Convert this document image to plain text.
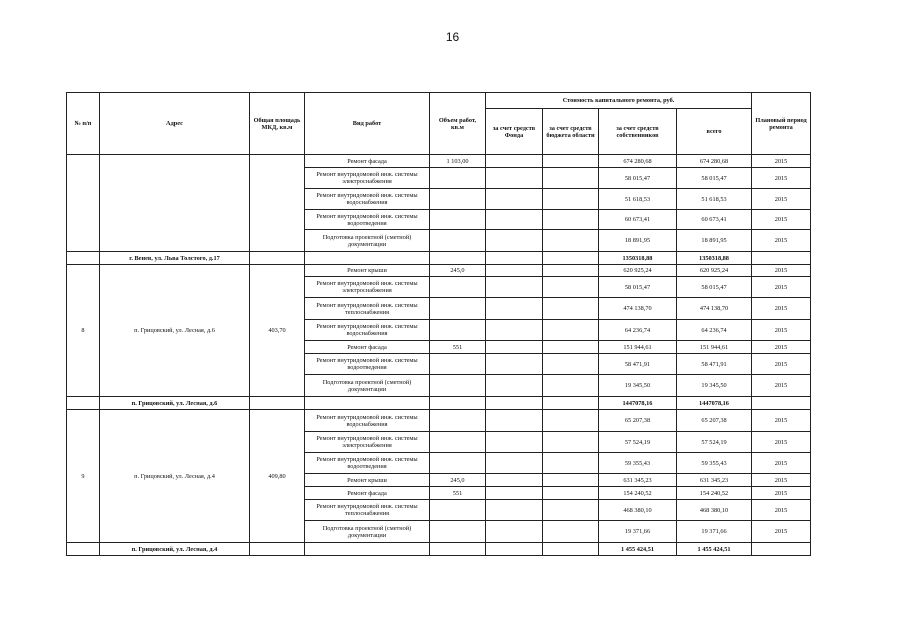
16
№ п/п	Адрес	Общая площадь МКД, кв.м	Вид работ	Объем работ, кв.м	Стоимость капитального ремонта, руб.				Плановый период ремонта
					за счет средств Фонда	за счет средств бюджета области	за счет средств собственников	всего	
			Ремонт фасада	1 103,00			674 280,68	674 280,68	2015
			Ремонт внутридомовой инж. системы электроснабжения				58 015,47	58 015,47	2015
			Ремонт внутридомовой инж. системы водоснабжения				51 618,53	51 618,53	2015
			Ремонт внутридомовой инж. системы водоотведения				60 673,41	60 673,41	2015
			Подготовка проектной (сметной) документации				18 891,95	18 891,95	2015
	г. Венев, ул. Льва Толстого, д.17						1350318,88	1350318,88	
8	п. Грицовский, ул. Лесная, д.6	403,70	Ремонт крыши	245,0			620 925,24	620 925,24	2015
			Ремонт внутридомовой инж. системы электроснабжения				58 015,47	58 015,47	2015
			Ремонт внутридомовой инж. системы теплоснабжения				474 138,70	474 138,70	2015
			Ремонт внутридомовой инж. системы водоснабжения				64 236,74	64 236,74	2015
			Ремонт фасада	551			151 944,61	151 944,61	2015
			Ремонт внутридомовой инж. системы водоотведения				58 471,91	58 471,91	2015
			Подготовка проектной (сметной) документации				19 345,50	19 345,50	2015
	п. Грицовский, ул. Лесная, д.6						1447078,16	1447078,16	
9	п. Грицовский, ул. Лесная, д.4	409,80	Ремонт внутридомовой инж. системы водоснабжения				65 207,38	65 207,38	2015
			Ремонт внутридомовой инж. системы электроснабжения				57 524,19	57 524,19	2015
			Ремонт внутридомовой инж. системы водоотведения				59 355,43	59 355,43	2015
			Ремонт крыши	245,0			631 345,23	631 345,23	2015
			Ремонт фасада	551			154 240,52	154 240,52	2015
			Ремонт внутридомовой инж. системы теплоснабжения				468 380,10	468 380,10	2015
			Подготовка проектной (сметной) документации				19 371,66	19 371,66	2015
	п. Грицовский, ул. Лесная, д.4						1 455 424,51	1 455 424,51	
